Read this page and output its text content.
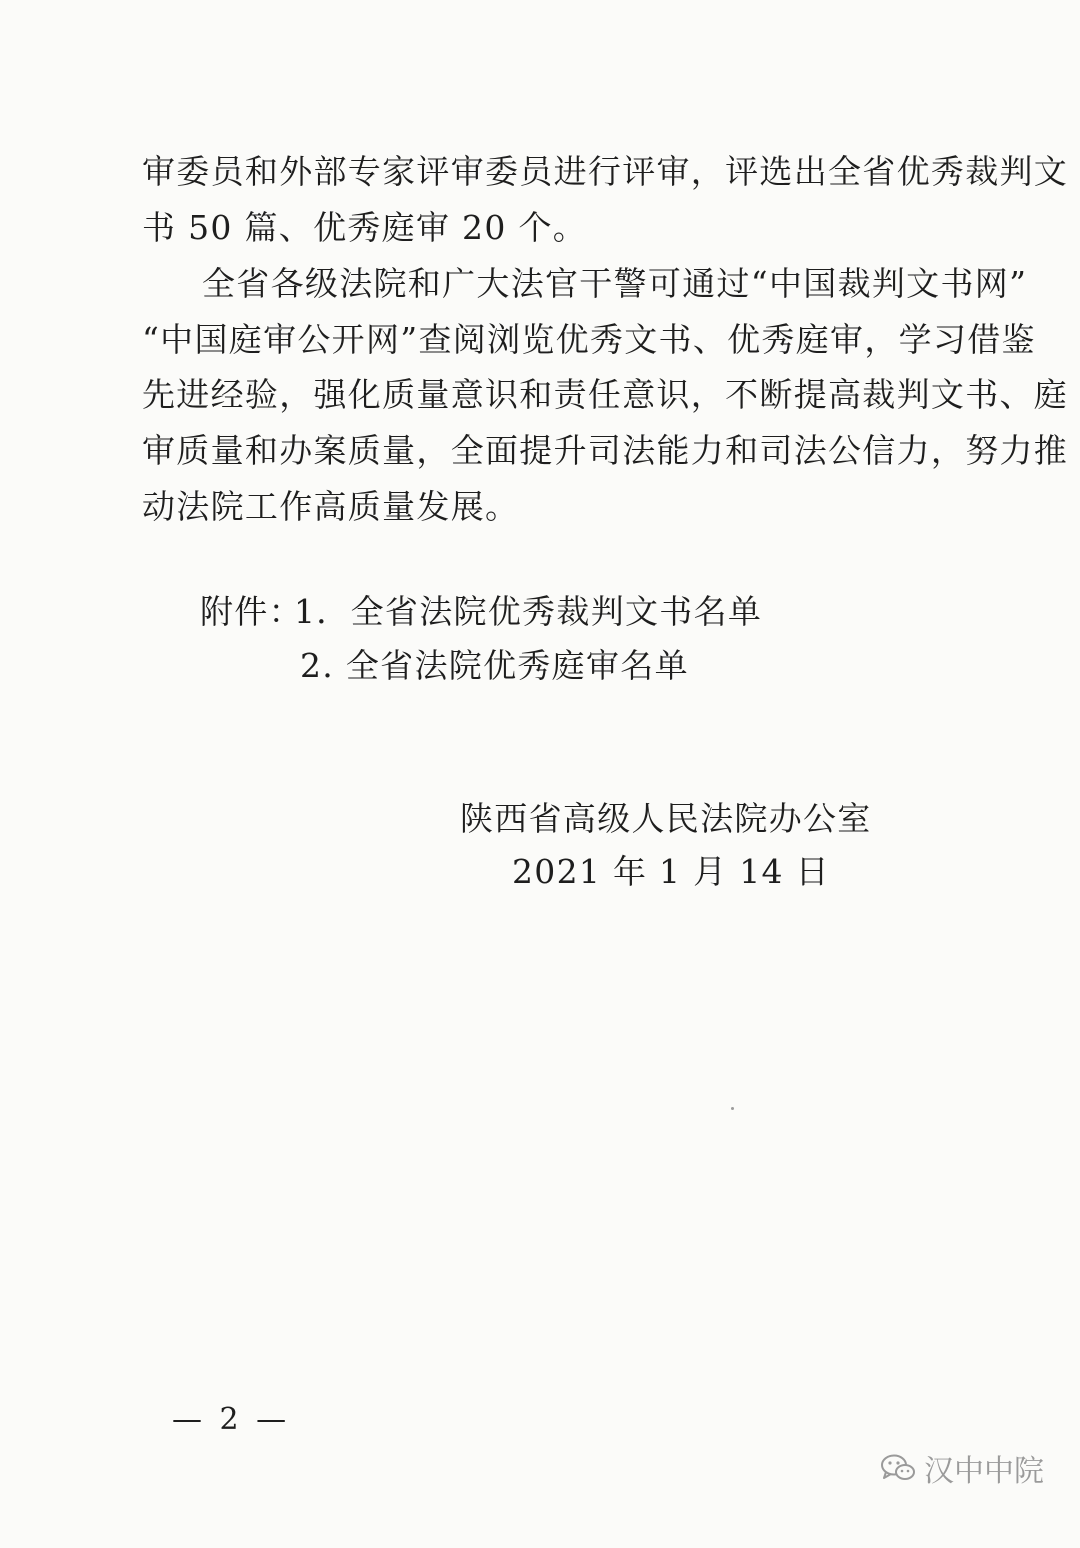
审委员和外部专家评审委员进行评审，评选出全省优秀裁判文
书 50 篇、优秀庭审 20 个。
全省各级法院和广大法官干警可通过“中国裁判文书网”
“中国庭审公开网”查阅浏览优秀文书、优秀庭审，学习借鉴
先进经验，强化质量意识和责任意识，不断提高裁判文书、庭
审质量和办案质量，全面提升司法能力和司法公信力，努力推
动法院工作高质量发展。
附件：
1．全省法院优秀裁判文书名单
2. 全省法院优秀庭审名单
陕西省高级人民法院办公室
2021 年 1 月 14 日
— 2 —
汉中中院
